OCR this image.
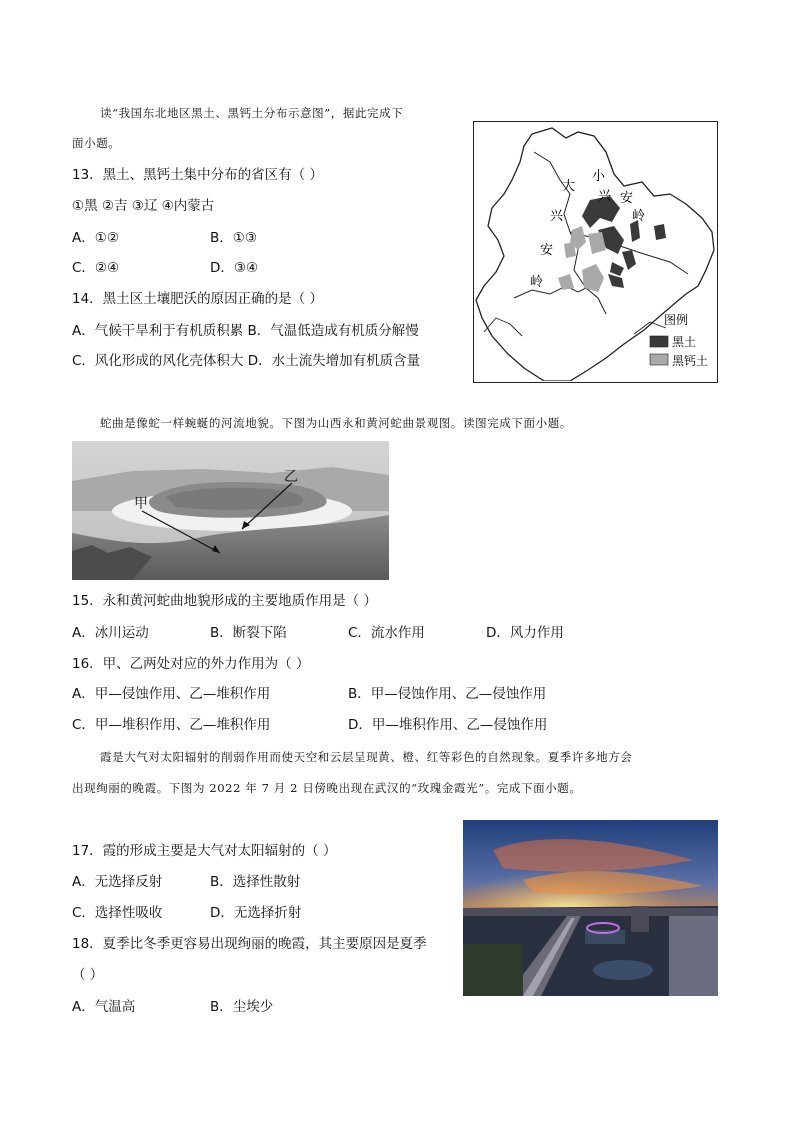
读“我国东北地区黑土、黑钙土分布示意图”，据此完成下
面小题。
13．黑土、黑钙土集中分布的省区有（ ）
①黑 ②吉 ③辽 ④内蒙古
A．①②	B．①③
C．②④	D．③④
14．黑土区土壤肥沃的原因正确的是（ ）
A．气候干旱利于有机质积累 B．气温低造成有机质分解慢
C．风化形成的风化壳体积大 D．水土流失增加有机质含量
小
兴 安
岭
大
兴
安
岭
图例
黑土
黑钙土
蛇曲是像蛇一样蜿蜒的河流地貌。下图为山西永和黄河蛇曲景观图。读图完成下面小题。
甲
乙
15．永和黄河蛇曲地貌形成的主要地质作用是（ ）
A．冰川运动	B．断裂下陷	C．流水作用	D．风力作用
16．甲、乙两处对应的外力作用为（ ）
A．甲—侵蚀作用、乙—堆积作用	B．甲—侵蚀作用、乙—侵蚀作用
C．甲—堆积作用、乙—堆积作用	D．甲—堆积作用、乙—侵蚀作用
霞是大气对太阳辐射的削弱作用而使天空和云层呈现黄、橙、红等彩色的自然现象。夏季许多地方会
出现绚丽的晚霞。下图为 2022 年 7 月 2 日傍晚出现在武汉的“玫瑰金霞光”。完成下面小题。
17．霞的形成主要是大气对太阳辐射的（ ）
A．无选择反射	B．选择性散射
C．选择性吸收	D．无选择折射
18．夏季比冬季更容易出现绚丽的晚霞，其主要原因是夏季
（ ）
A．气温高	B．尘埃少
